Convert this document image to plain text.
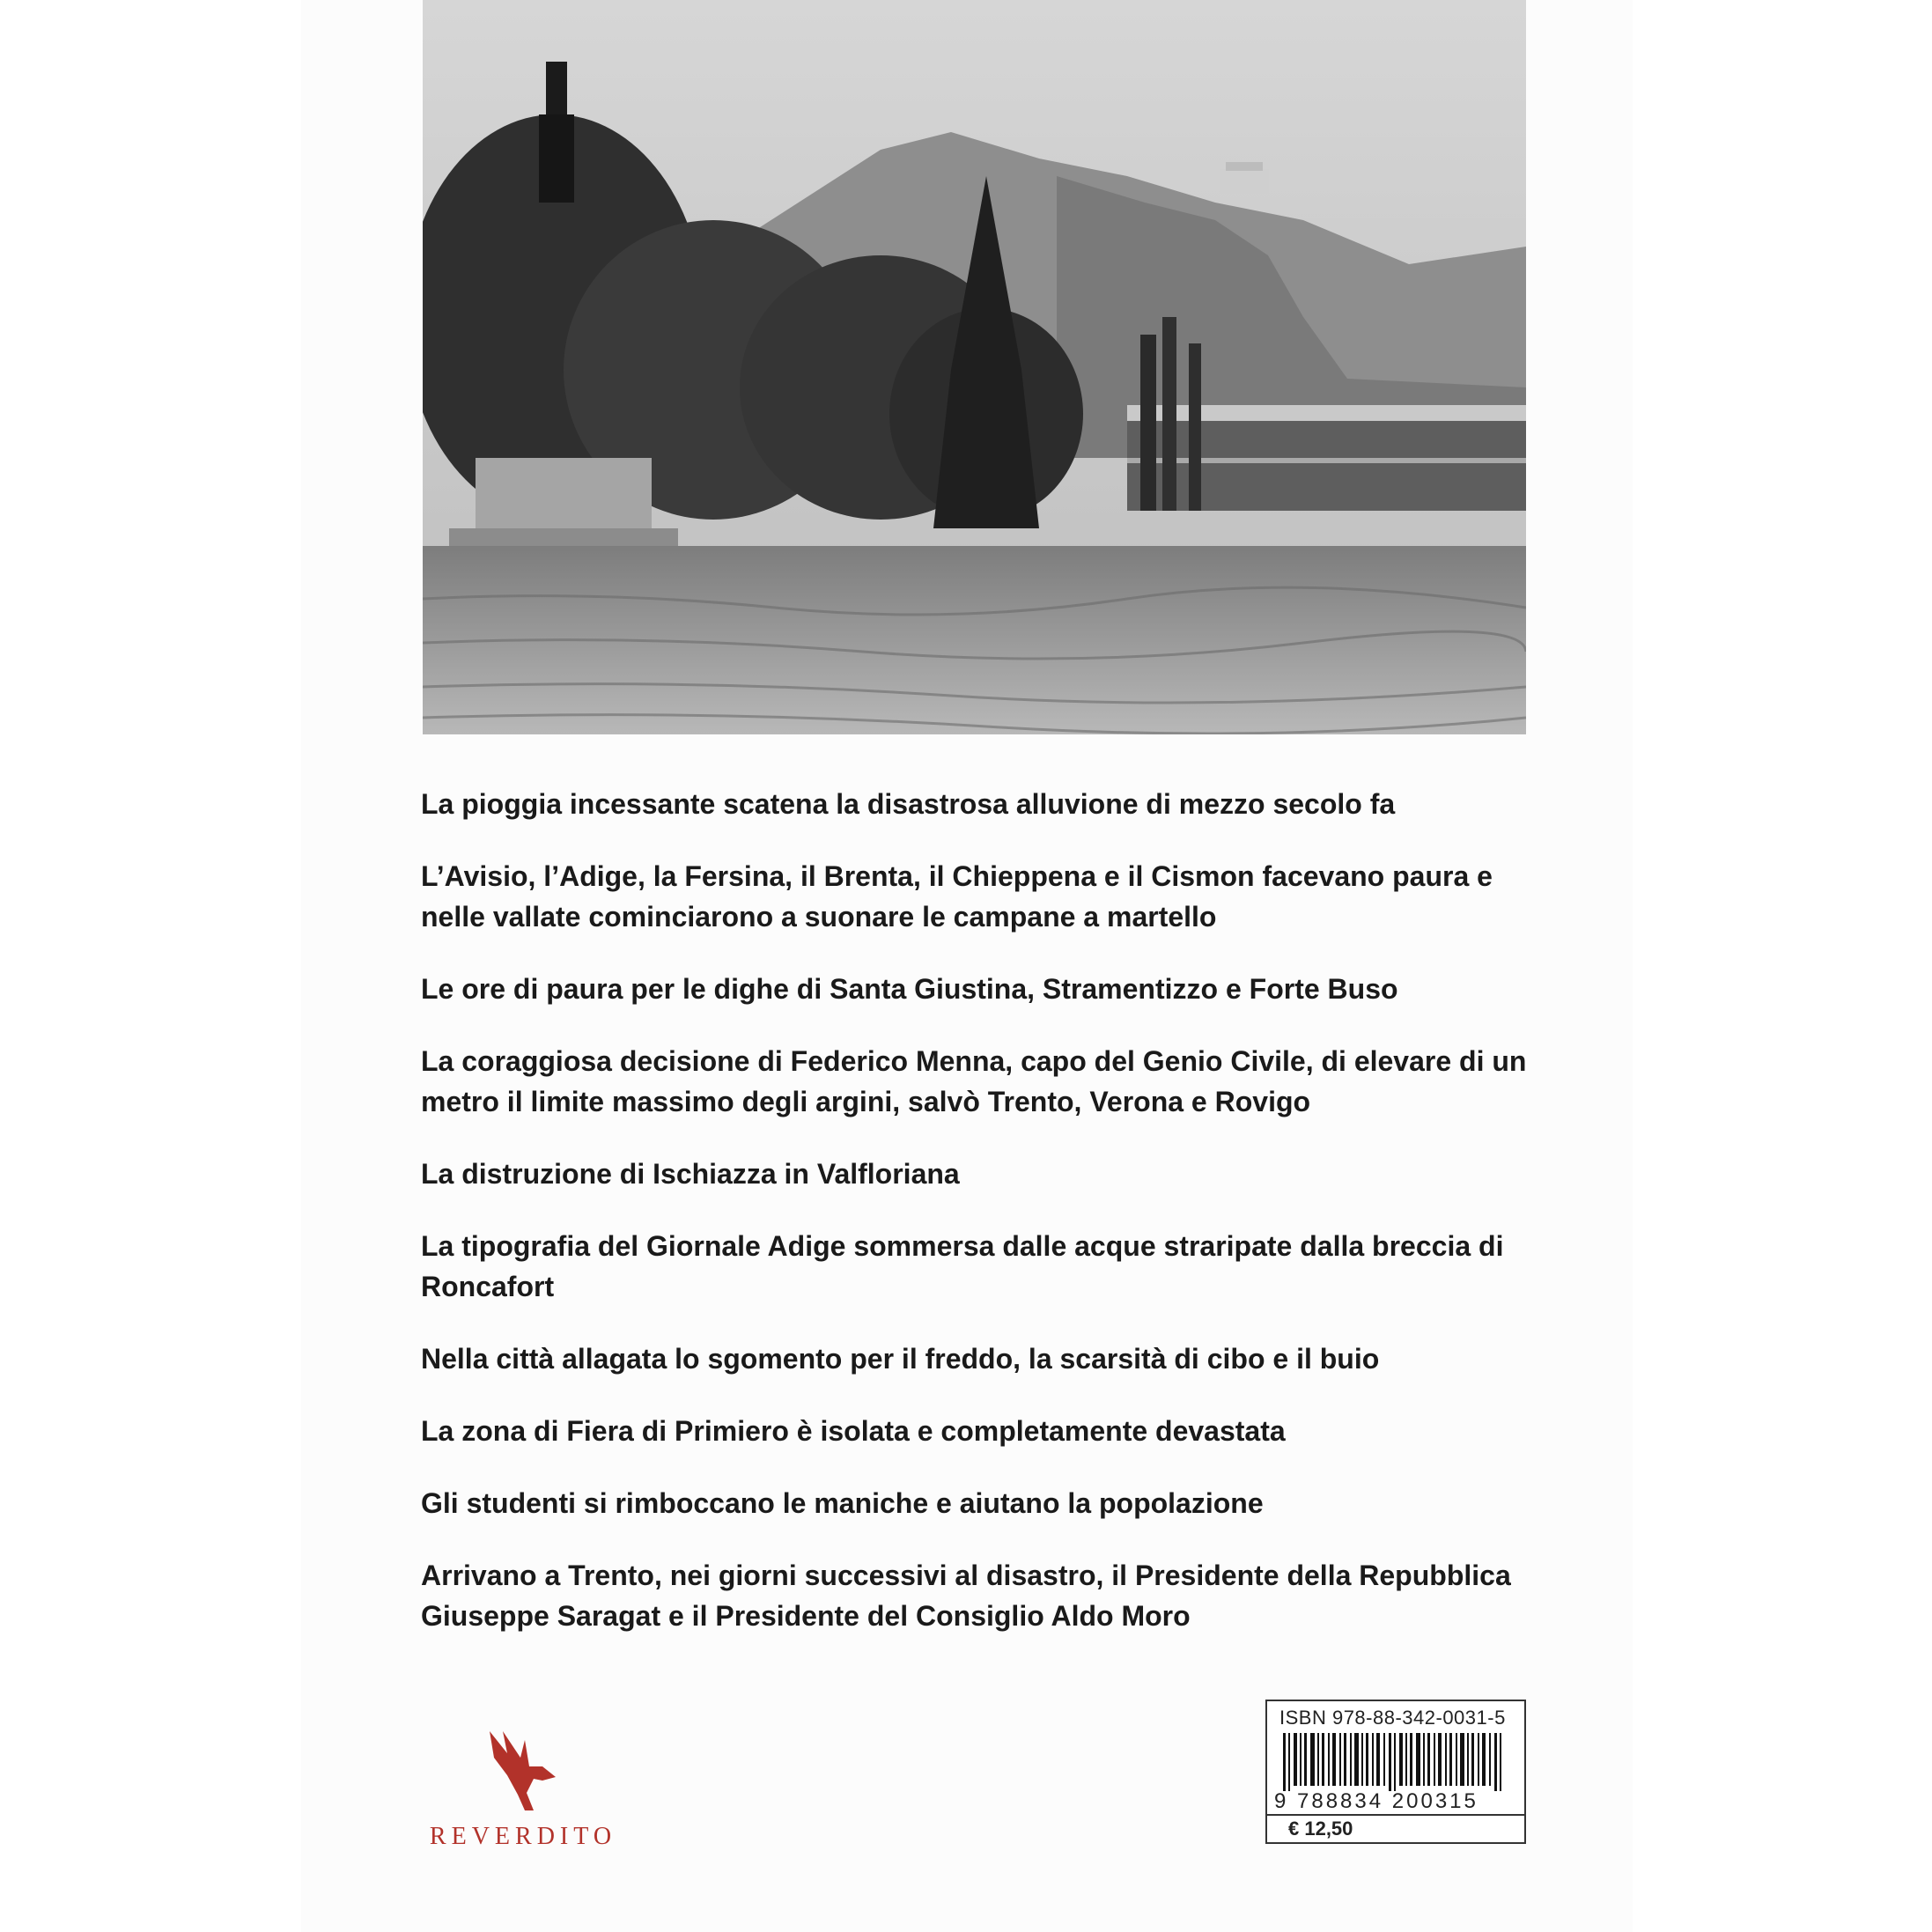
La pioggia incessante scatena la disastrosa alluvione di mezzo secolo fa
L’Avisio, l’Adige, la Fersina, il Brenta, il Chieppena e il Cismon facevano paura e nelle vallate cominciarono a suonare le campane a martello
Le ore di paura per le dighe di Santa Giustina, Stramentizzo e Forte Buso
La coraggiosa decisione di Federico Menna, capo del Genio Civile, di elevare di un metro il limite massimo degli argini, salvò Trento, Verona e Rovigo
La distruzione di Ischiazza in Valfloriana
La tipografia del Giornale Adige sommersa dalle acque straripate dalla breccia di Roncafort
Nella città allagata lo sgomento per il freddo, la scarsità di cibo e il buio
La zona di Fiera di Primiero è isolata e completamente devastata
Gli studenti si rimboccano le maniche e aiutano la popolazione
Arrivano a Trento, nei giorni successivi al disastro, il Presidente della Repubblica Giuseppe Saragat e il Presidente del Consiglio Aldo Moro
REVERDITO
ISBN 978-88-342-0031-5
9 788834 200315
€ 12,50
